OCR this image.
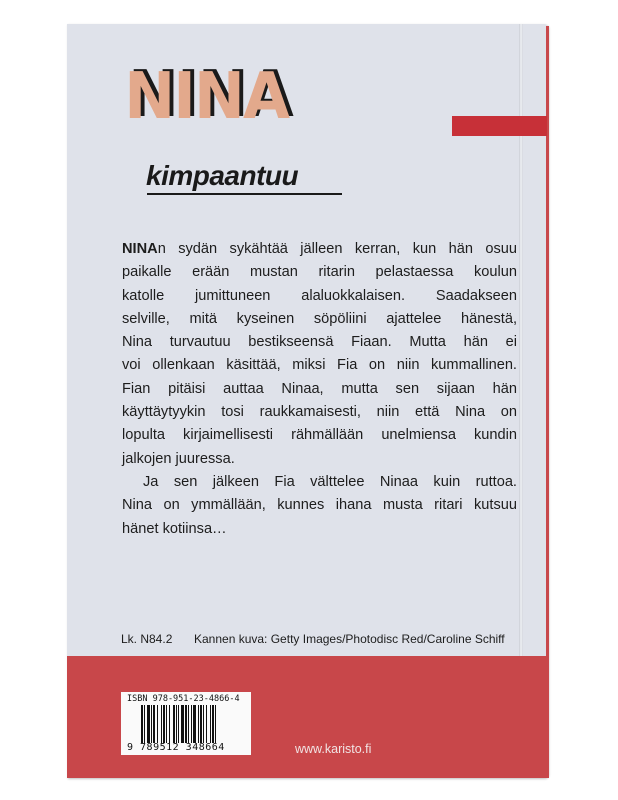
NINA
kimpaantuu
NINAn sydän sykähtää jälleen kerran, kun hän osuu
paikalle erään mustan ritarin pelastaessa koulun
katolle jumittuneen alaluokkalaisen. Saadakseen
selville, mitä kyseinen söpöliini ajattelee hänestä,
Nina turvautuu bestikseensä Fiaan. Mutta hän ei
voi ollenkaan käsittää, miksi Fia on niin kummallinen.
Fian pitäisi auttaa Ninaa, mutta sen sijaan hän
käyttäytyykin tosi raukkamaisesti, niin että Nina on
lopulta kirjaimellisesti rähmällään unelmiensa kundin
jalkojen juuressa.
Ja sen jälkeen Fia välttelee Ninaa kuin ruttoa.
Nina on ymmällään, kunnes ihana musta ritari kutsuu
hänet kotiinsa…
Lk. N84.2 Kannen kuva: Getty Images/Photodisc Red/Caroline Schiff
ISBN 978-951-23-4866-4
9 789512 348664	www.karisto.fi
